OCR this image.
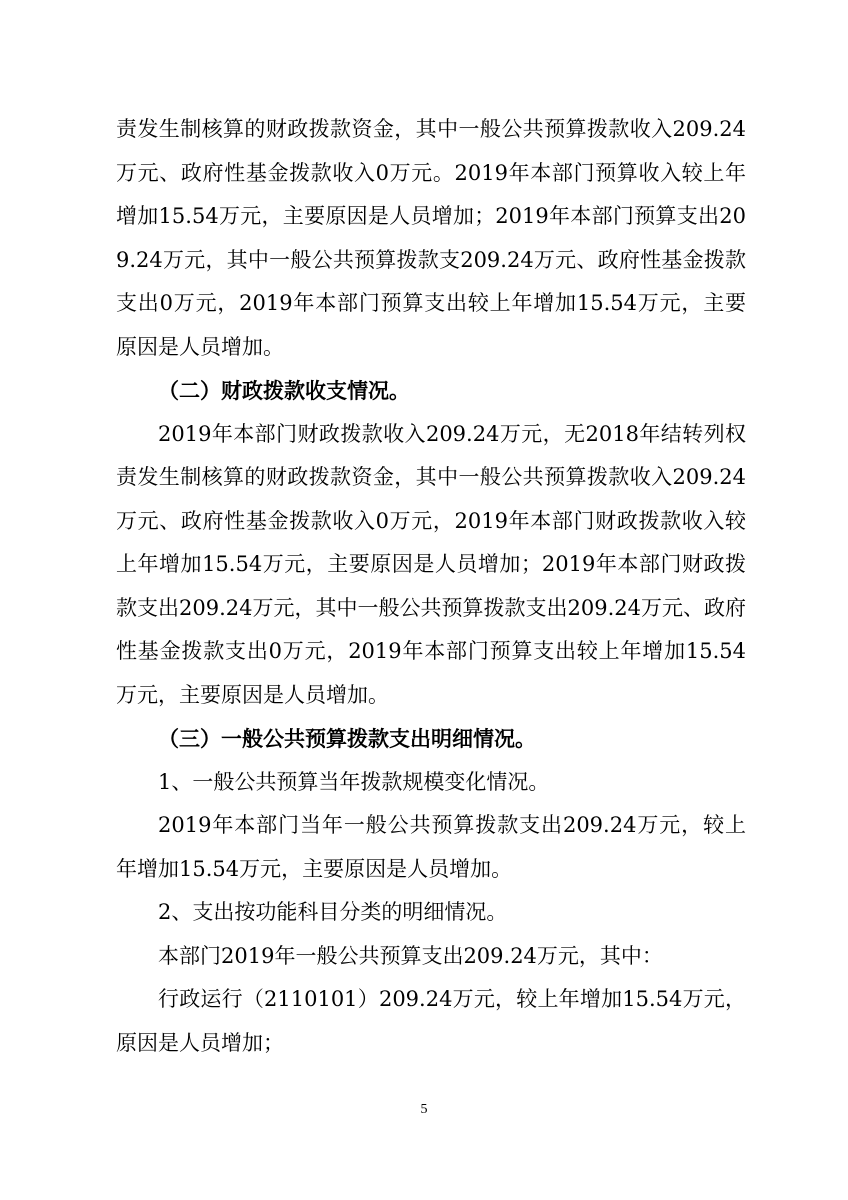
责发生制核算的财政拨款资金，其中一般公共预算拨款收入209.24万元、政府性基金拨款收入0万元。2019年本部门预算收入较上年增加15.54万元，主要原因是人员增加；2019年本部门预算支出209.24万元，其中一般公共预算拨款支209.24万元、政府性基金拨款支出0万元，2019年本部门预算支出较上年增加15.54万元，主要原因是人员增加。

（二）财政拨款收支情况。

2019年本部门财政拨款收入209.24万元，无2018年结转列权责发生制核算的财政拨款资金，其中一般公共预算拨款收入209.24万元、政府性基金拨款收入0万元，2019年本部门财政拨款收入较上年增加15.54万元，主要原因是人员增加；2019年本部门财政拨款支出209.24万元，其中一般公共预算拨款支出209.24万元、政府性基金拨款支出0万元，2019年本部门预算支出较上年增加15.54万元，主要原因是人员增加。

（三）一般公共预算拨款支出明细情况。

1、一般公共预算当年拨款规模变化情况。

2019年本部门当年一般公共预算拨款支出209.24万元，较上年增加15.54万元，主要原因是人员增加。

2、支出按功能科目分类的明细情况。

本部门2019年一般公共预算支出209.24万元，其中：

行政运行（2110101）209.24万元，较上年增加15.54万元，原因是人员增加；

5
